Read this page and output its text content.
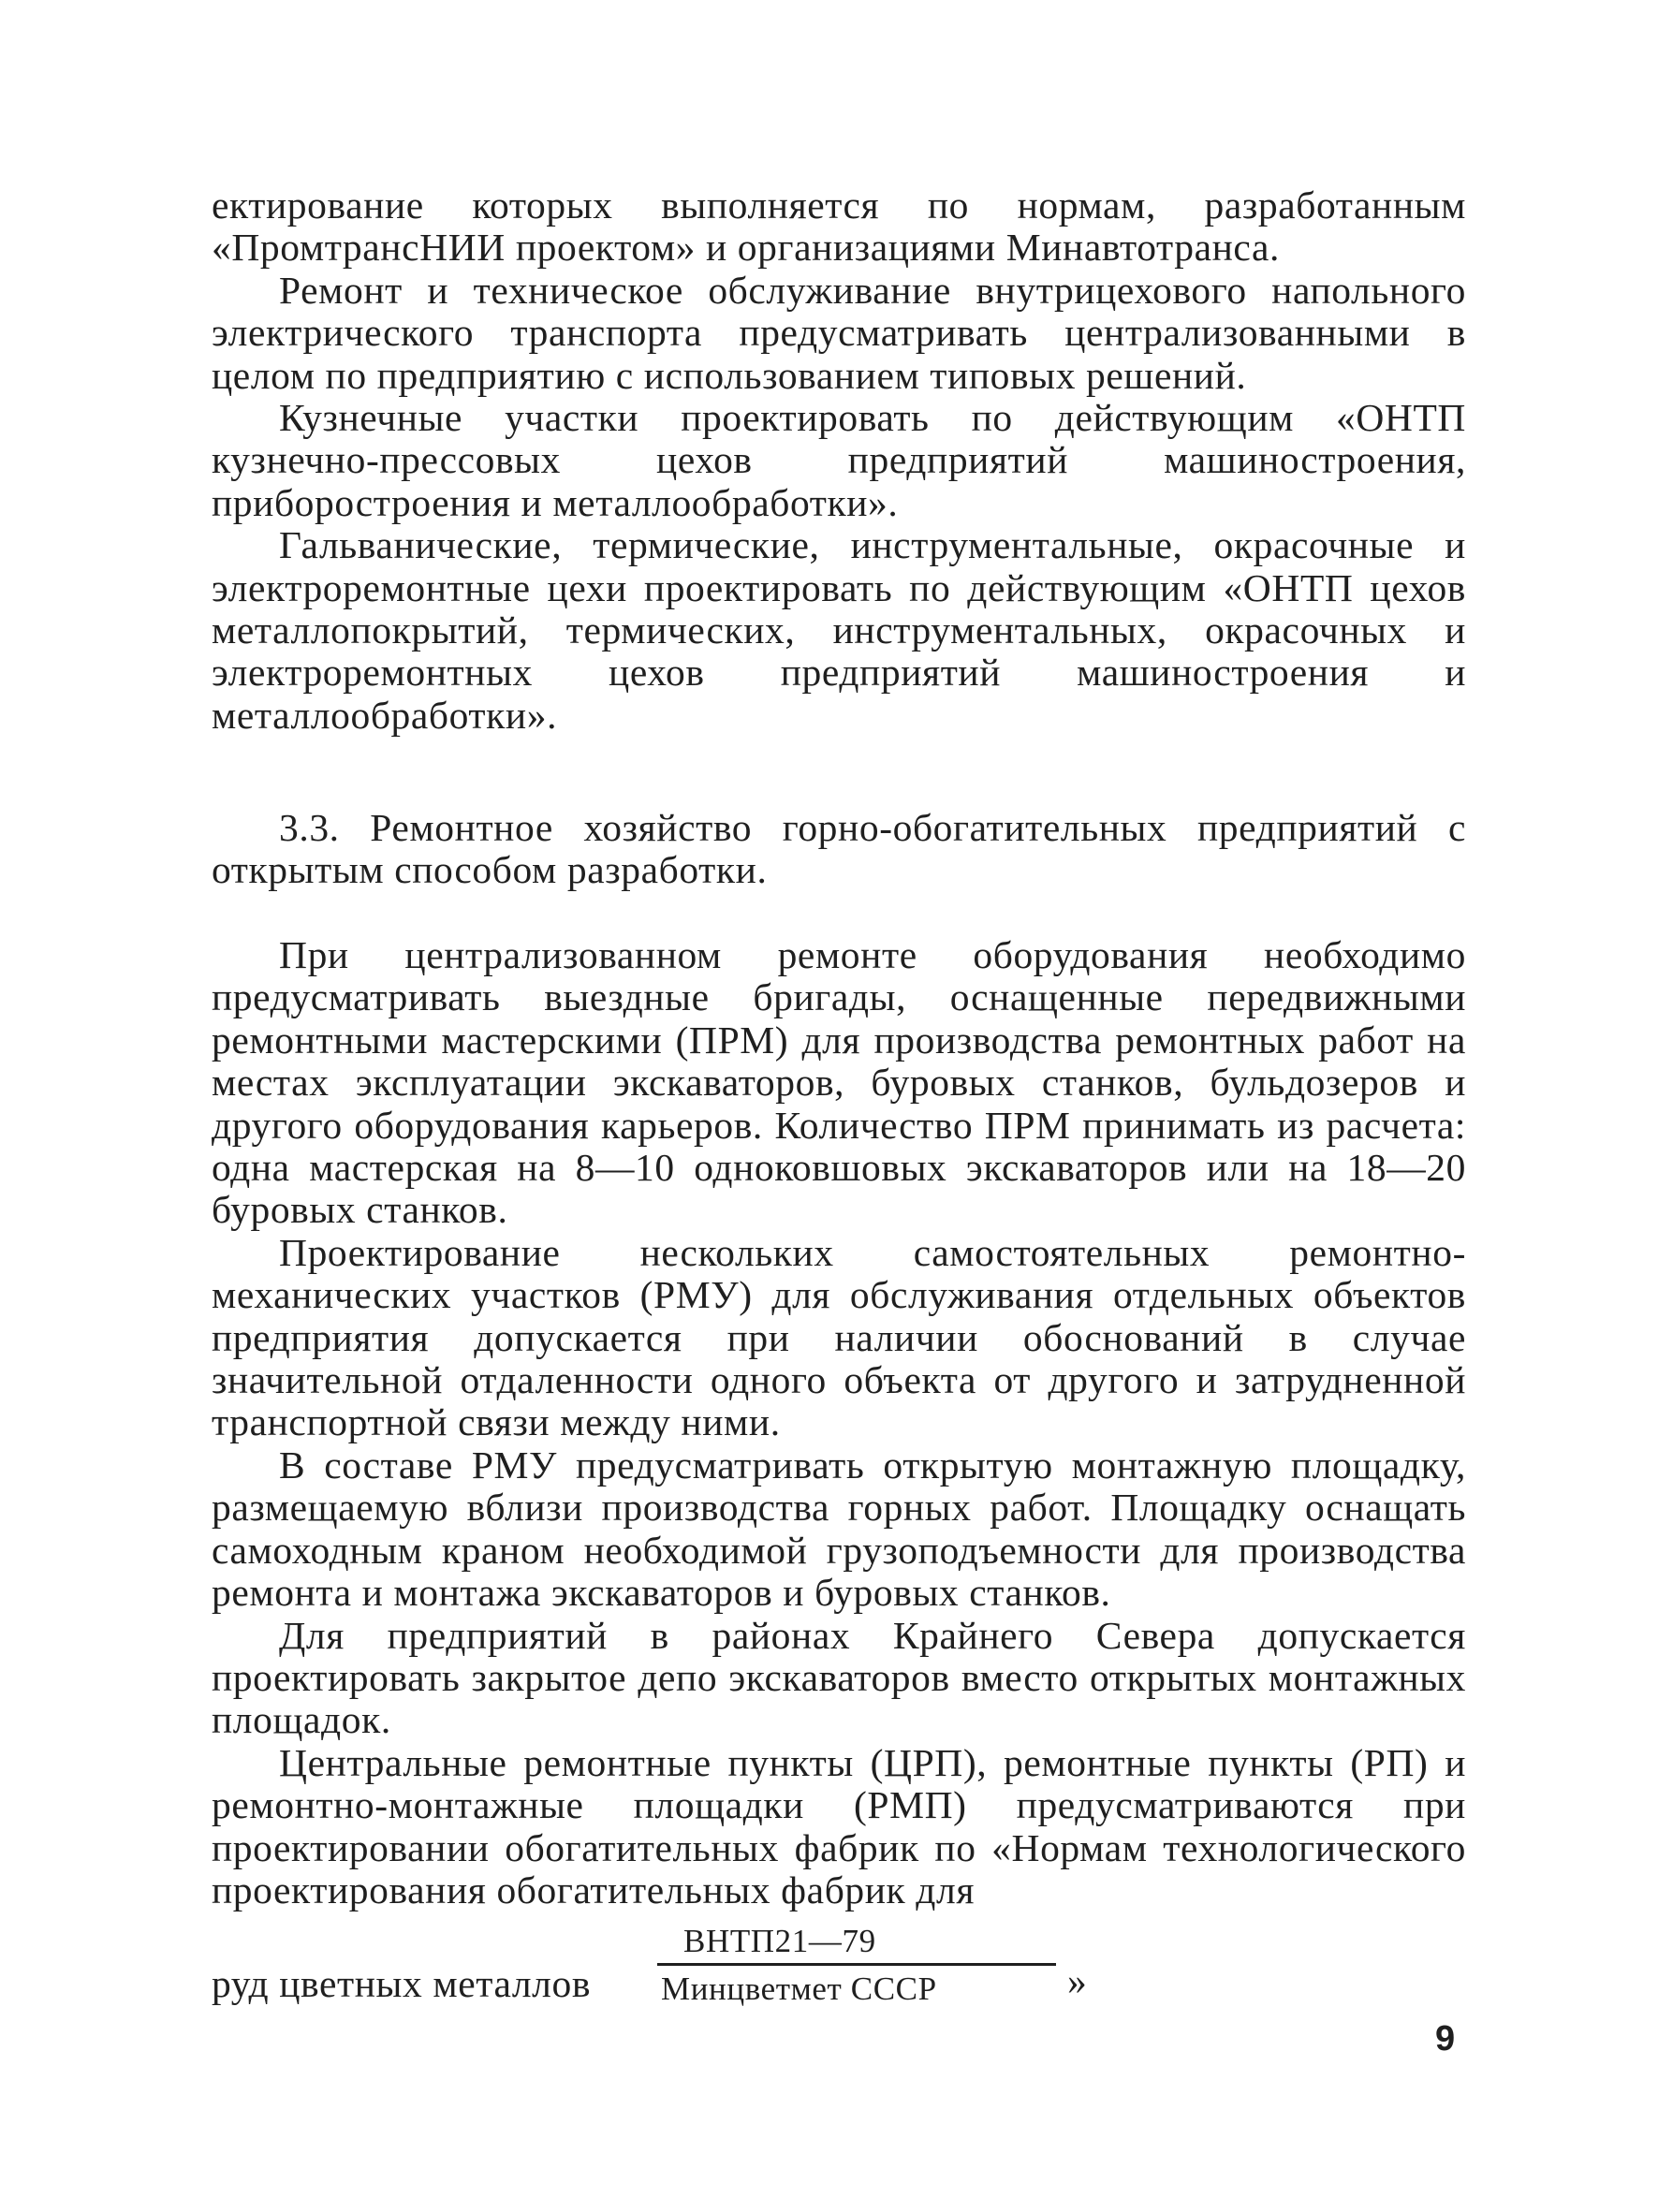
ектирование которых выполняется по нормам, разработанным «ПромтрансНИИ проектом» и организациями Минавтотранса.

Ремонт и техническое обслуживание внутрицехового напольного электрического транспорта предусматривать централизованными в целом по предприятию с использованием типовых решений.

Кузнечные участки проектировать по действующим «ОНТП кузнечно-прессовых цехов предприятий машиностроения, приборостроения и металлообработки».

Гальванические, термические, инструментальные, окрасочные и электроремонтные цехи проектировать по действующим «ОНТП цехов металлопокрытий, термических, инструментальных, окрасочных и электроремонтных цехов предприятий машиностроения и металлообработки».

3.3. Ремонтное хозяйство горно-обогатительных предприятий с открытым способом разработки.

При централизованном ремонте оборудования необходимо предусматривать выездные бригады, оснащенные передвижными ремонтными мастерскими (ПРМ) для производства ремонтных работ на местах эксплуатации экскаваторов, буровых станков, бульдозеров и другого оборудования карьеров. Количество ПРМ принимать из расчета: одна мастерская на 8—10 одноковшовых экскаваторов или на 18—20 буровых станков.

Проектирование нескольких самостоятельных ремонтно-механических участков (РМУ) для обслуживания отдельных объектов предприятия допускается при наличии обоснований в случае значительной отдаленности одного объекта от другого и затрудненной транспортной связи между ними.

В составе РМУ предусматривать открытую монтажную площадку, размещаемую вблизи производства горных работ. Площадку оснащать самоходным краном необходимой грузоподъемности для производства ремонта и монтажа экскаваторов и буровых станков.

Для предприятий в районах Крайнего Севера допускается проектировать закрытое депо экскаваторов вместо открытых монтажных площадок.

Центральные ремонтные пункты (ЦРП), ремонтные пункты (РП) и ремонтно-монтажные площадки (РМП) предусматриваются при проектировании обогатительных фабрик по «Нормам технологического проектирования обогатительных фабрик для

руд цветных металлов
ВНТП21—79
Минцветмет СССР	»
9
